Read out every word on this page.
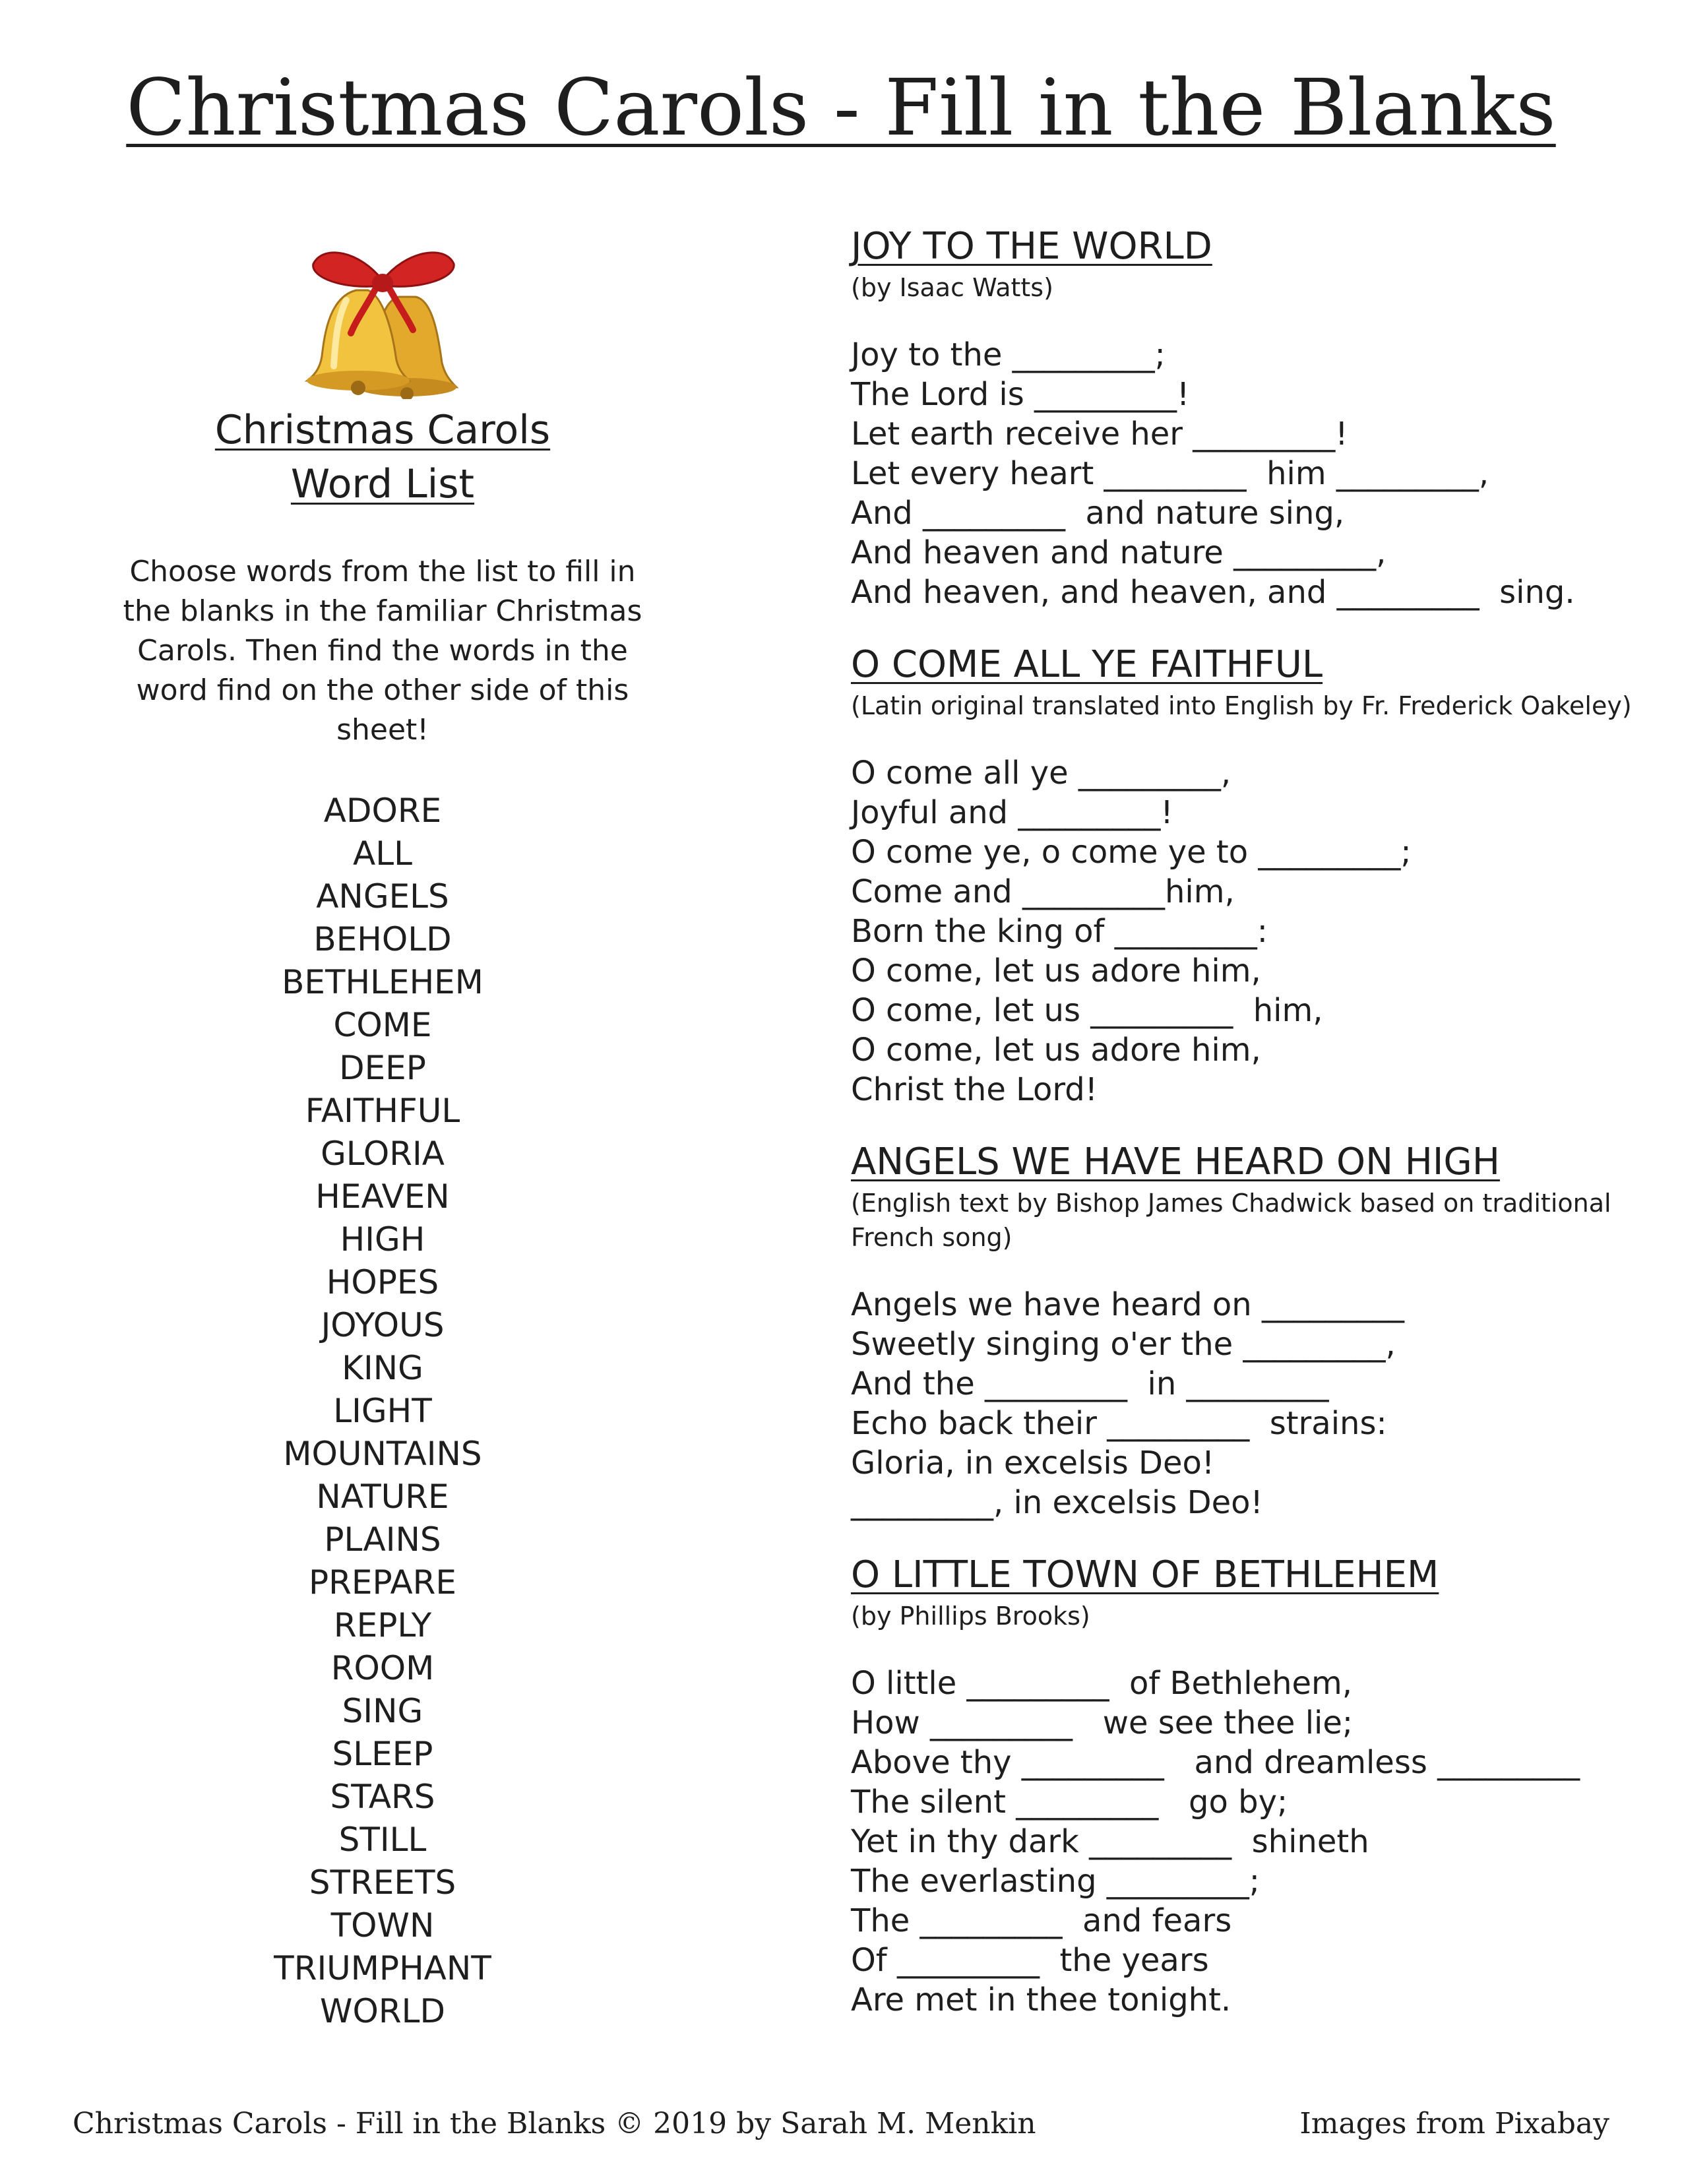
Christmas Carols - Fill in the Blanks
Christmas Carols
Word List

Choose words from the list to fill in the blanks in the familiar Christmas Carols. Then find the words in the word find on the other side of this sheet!

ADORE
ALL
ANGELS
BEHOLD
BETHLEHEM
COME
DEEP
FAITHFUL
GLORIA
HEAVEN
HIGH
HOPES
JOYOUS
KING
LIGHT
MOUNTAINS
NATURE
PLAINS
PREPARE
REPLY
ROOM
SING
SLEEP
STARS
STILL
STREETS
TOWN
TRIUMPHANT
WORLD
JOY TO THE WORLD
(by Isaac Watts)
Joy to the _________;
The Lord is _________!
Let earth receive her _________!
Let every heart _________  him _________,
And _________  and nature sing,
And heaven and nature _________,
And heaven, and heaven, and _________  sing.
O COME ALL YE FAITHFUL
(Latin original translated into English by Fr. Frederick Oakeley)
O come all ye _________,
Joyful and _________!
O come ye, o come ye to _________;
Come and _________him,
Born the king of _________:
O come, let us adore him,
O come, let us _________  him,
O come, let us adore him,
Christ the Lord!
ANGELS WE HAVE HEARD ON HIGH
(English text by Bishop James Chadwick based on traditional French song)
Angels we have heard on _________
Sweetly singing o'er the _________,
And the _________  in _________
Echo back their _________  strains:
Gloria, in excelsis Deo!
_________, in excelsis Deo!
O LITTLE TOWN OF BETHLEHEM
(by Phillips Brooks)
O little _________  of Bethlehem,
How _________   we see thee lie;
Above thy _________   and dreamless _________
The silent _________   go by;
Yet in thy dark _________  shineth
The everlasting _________;
The _________  and fears
Of _________  the years
Are met in thee tonight.
Christmas Carols - Fill in the Blanks © 2019 by Sarah M. Menkin	Images from Pixabay
